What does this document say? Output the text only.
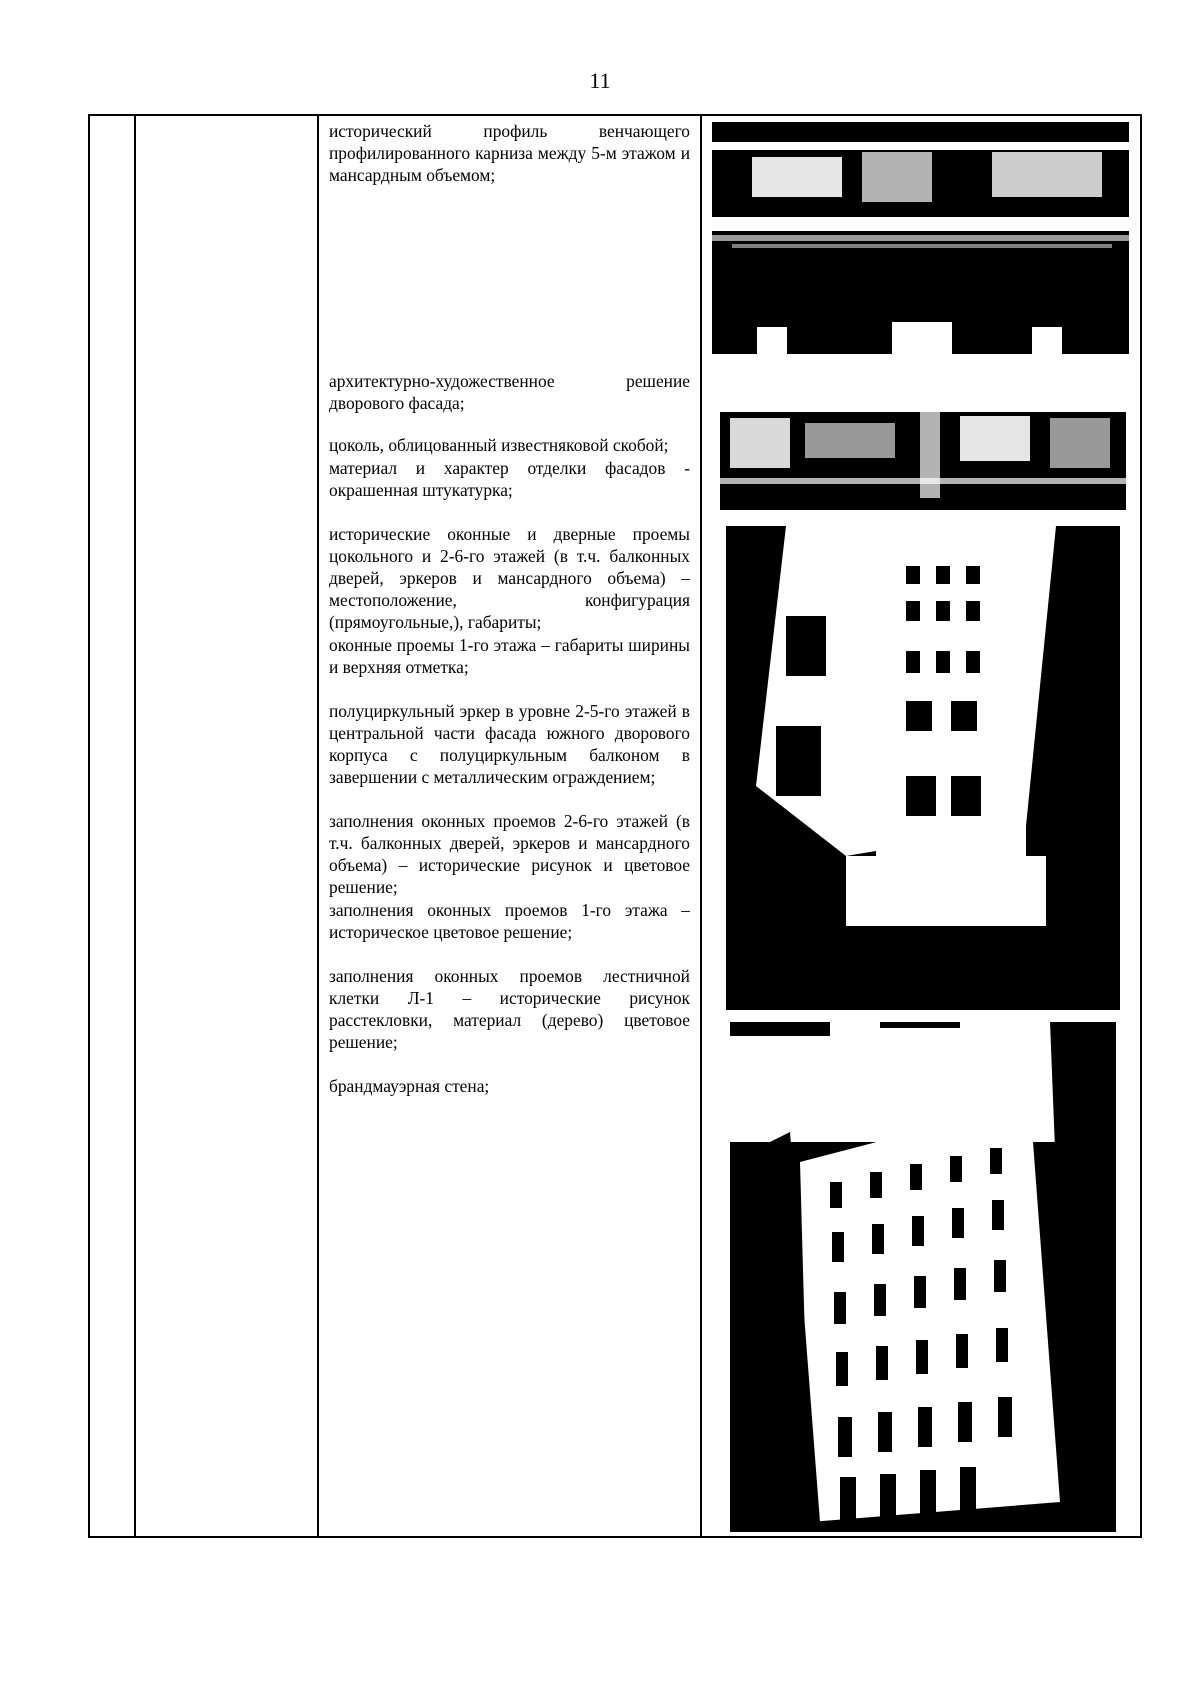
11

исторический профиль венчающего профилированного карниза между 5-м этажом и мансардным объемом;
архитектурно-художественное решение дворового фасада;
цоколь, облицованный известняковой скобой;
материал и характер отделки фасадов - окрашенная штукатурка;
исторические оконные и дверные проемы цокольного и 2-6-го этажей (в т.ч. балконных дверей, эркеров и мансардного объема) – местоположение, конфигурация (прямоугольные,), габариты;
оконные проемы 1-го этажа – габариты ширины и верхняя отметка;
полуциркульный эркер в уровне 2-5-го этажей в центральной части фасада южного дворового корпуса с полуциркульным балконом в завершении с металлическим ограждением;
заполнения оконных проемов 2-6-го этажей (в т.ч. балконных дверей, эркеров и мансардного объема) – исторические рисунок и цветовое решение;
заполнения оконных проемов 1-го этажа – историческое цветовое решение;
заполнения оконных проемов лестничной клетки Л-1 – исторические рисунок расстекловки, материал (дерево) цветовое решение;
брандмауэрная стена;
